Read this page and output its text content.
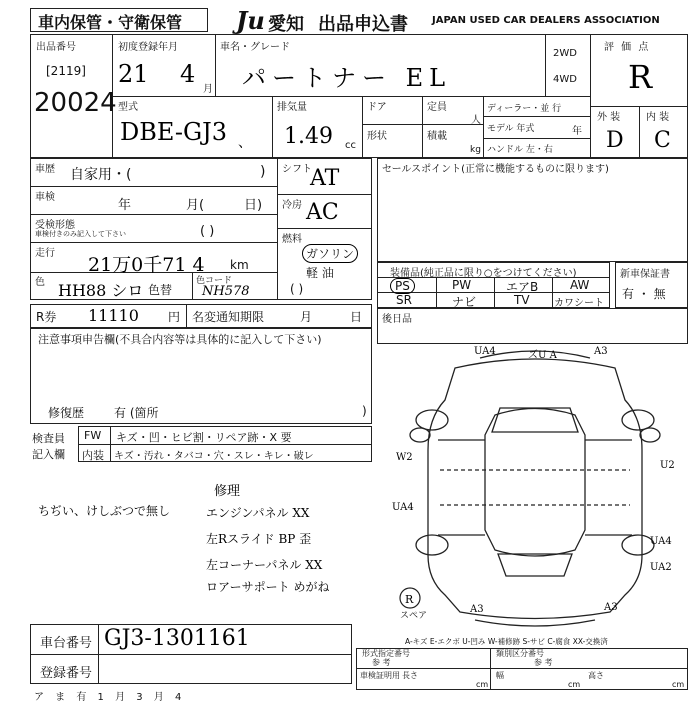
車内保管・守衛保管 Ju 愛知 出品申込書 JAPAN USED CAR DEALERS ASSOCIATION
出品番号
[2119]
20024
初度登録年月
21 4
月
車名・グレード
パートナー EL
2WD
4WD
評 価 点
R
外 装	内 装
D C
型式
DBE-GJ3 、
排気量
1.49 cc
ドア	定員
人
形状	積載
kg
ディーラー・並 行
モデル 年式	年
ハンドル 左・右
車歴 自家用・(	)
車検
年	月(	日)
受検形態
車検付きのみ記入して下さい	( )
走行
21万0千71 4 km
色 HH88 シロ 色替
色コード
NH578
シフト
AT
冷房 AC
燃料
ガソリン
軽 油
( )
セールスポイント(正常に機能するものに限ります)
装備品(純正品に限り○をつけてください)
PS	PW	エアB	AW
SR	ナビ	TV カワシート
新車保証書
有 ・ 無
R券 11110 円 名変通知期限	月	日
注意事項申告欄(不具合内容等は具体的に記入して下さい)
修復歴 有 (箇所	)
後日品
検査員
記入欄
FW キズ・凹・ヒビ割・リペア跡・X 要
内装 キズ・汚れ・タバコ・穴・スレ・キレ・破レ
ちぢい、けしぶつで無し
修理
エンジンパネル XX
左Rスライド BP 歪
左コーナーパネル XX
ロアーサポート めがね
R
UA4	ズU A	A3
W2
U2
UA4
UA4
UA2
A3	A3
スペア
A-キズ E-エクボ U-凹み W-補修跡 S-サビ C-腐食 XX-交換済
車台番号 GJ3-1301161
登録番号
形式指定番号
参 考
類別区分番号
参 考
車検証明用 長さ
cm
幅
cm
高さ
cm
ア ま 有 1 月 3 月 4
